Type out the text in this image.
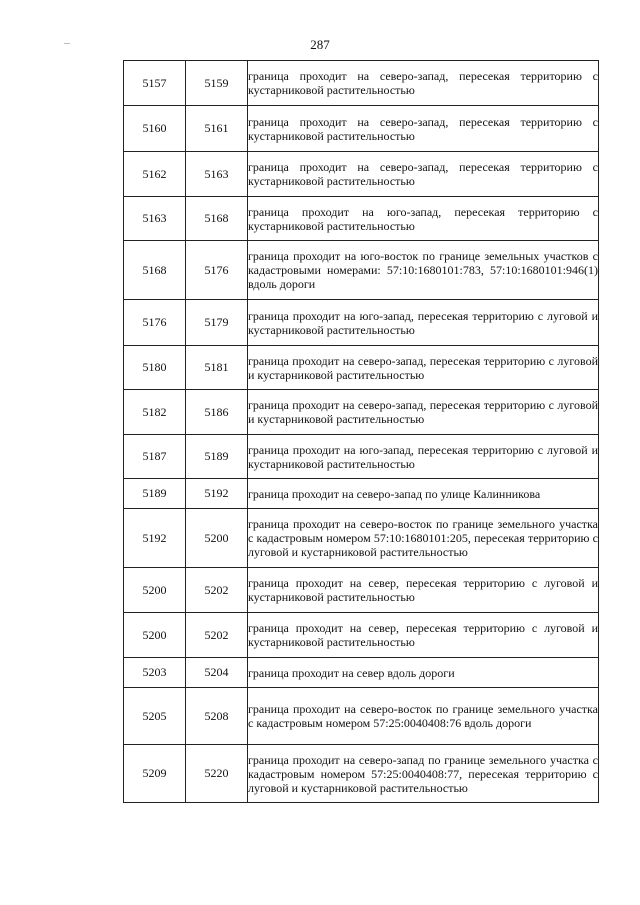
287
5157	5159	граница проходит на северо-запад, пересекая территорию с кустарниковой растительностью

5160	5161	граница проходит на северо-запад, пересекая территорию с кустарниковой растительностью

5162	5163	граница проходит на северо-запад, пересекая территорию с кустарниковой растительностью

5163	5168	граница проходит на юго-запад, пересекая территорию с кустарниковой растительностью

5168	5176	граница проходит на юго-восток по границе земельных участков с кадастровыми номерами: 57:10:1680101:783, 57:10:1680101:946(1) вдоль дороги

5176	5179	граница проходит на юго-запад, пересекая территорию с луговой и кустарниковой растительностью

5180	5181	граница проходит на северо-запад, пересекая территорию с луговой и кустарниковой растительностью

5182	5186	граница проходит на северо-запад, пересекая территорию с луговой и кустарниковой растительностью

5187	5189	граница проходит на юго-запад, пересекая территорию с луговой и кустарниковой растительностью

5189	5192	граница проходит на северо-запад по улице Калинникова

5192	5200	граница проходит на северо-восток по границе земельного участка с кадастровым номером 57:10:1680101:205, пересекая территорию с луговой и кустарниковой растительностью

5200	5202	граница проходит на север, пересекая территорию с луговой и кустарниковой растительностью

5200	5202	граница проходит на север, пересекая территорию с луговой и кустарниковой растительностью

5203	5204	граница проходит на север вдоль дороги

5205	5208	граница проходит на северо-восток по границе земельного участка с кадастровым номером 57:25:0040408:76 вдоль дороги

5209	5220	граница проходит на северо-запад по границе земельного участка с кадастровым номером 57:25:0040408:77, пересекая территорию с луговой и кустарниковой растительностью
